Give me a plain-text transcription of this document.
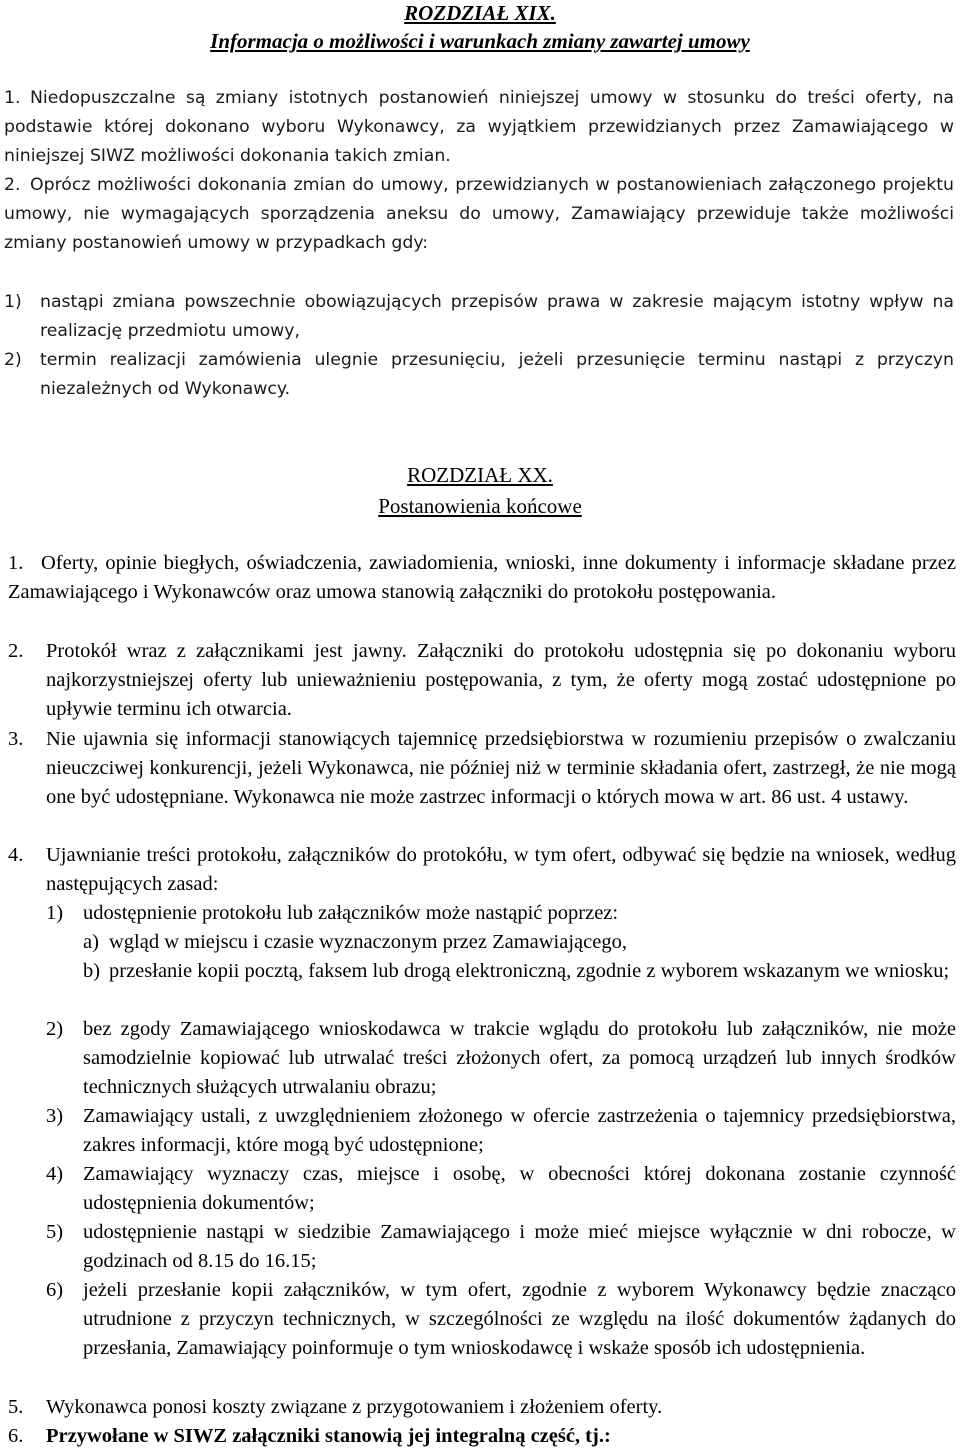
ROZDZIAŁ XIX.
Informacja o możliwości i warunkach zmiany zawartej umowy
1. Niedopuszczalne są zmiany istotnych postanowień niniejszej umowy w stosunku do treści oferty, na podstawie której dokonano wyboru Wykonawcy, za wyjątkiem przewidzianych przez Zamawiającego w niniejszej SIWZ możliwości dokonania takich zmian.
2. Oprócz możliwości dokonania zmian do umowy, przewidzianych w postanowieniach załączonego projektu umowy, nie wymagających sporządzenia aneksu do umowy, Zamawiający przewiduje także możliwości zmiany postanowień umowy w przypadkach gdy:
1) nastąpi zmiana powszechnie obowiązujących przepisów prawa w zakresie mającym istotny wpływ na realizację przedmiotu umowy,
2) termin realizacji zamówienia ulegnie przesunięciu, jeżeli przesunięcie terminu nastąpi z przyczyn niezależnych od Wykonawcy.
ROZDZIAŁ XX.
Postanowienia końcowe
1. Oferty, opinie biegłych, oświadczenia, zawiadomienia, wnioski, inne dokumenty i informacje składane przez Zamawiającego i Wykonawców oraz umowa stanowią załączniki do protokołu postępowania.
2. Protokół wraz z załącznikami jest jawny. Załączniki do protokołu udostępnia się po dokonaniu wyboru najkorzystniejszej oferty lub unieważnieniu postępowania, z tym, że oferty mogą zostać udostępnione po upływie terminu ich otwarcia.
3. Nie ujawnia się informacji stanowiących tajemnicę przedsiębiorstwa w rozumieniu przepisów o zwalczaniu nieuczciwej konkurencji, jeżeli Wykonawca, nie później niż w terminie składania ofert, zastrzegł, że nie mogą one być udostępniane. Wykonawca nie może zastrzec informacji o których mowa w art. 86 ust. 4 ustawy.
4. Ujawnianie treści protokołu, załączników do protokółu, w tym ofert, odbywać się będzie na wniosek, według następujących zasad:
1) udostępnienie protokołu lub załączników może nastąpić poprzez:
a) wgląd w miejscu i czasie wyznaczonym przez Zamawiającego,
b) przesłanie kopii pocztą, faksem lub drogą elektroniczną, zgodnie z wyborem wskazanym we wniosku;
2) bez zgody Zamawiającego wnioskodawca w trakcie wglądu do protokołu lub załączników, nie może samodzielnie kopiować lub utrwalać treści złożonych ofert, za pomocą urządzeń lub innych środków technicznych służących utrwalaniu obrazu;
3) Zamawiający ustali, z uwzględnieniem złożonego w ofercie zastrzeżenia o tajemnicy przedsiębiorstwa, zakres informacji, które mogą być udostępnione;
4) Zamawiający wyznaczy czas, miejsce i osobę, w obecności której dokonana zostanie czynność udostępnienia dokumentów;
5) udostępnienie nastąpi w siedzibie Zamawiającego i może mieć miejsce wyłącznie w dni robocze, w godzinach od 8.15 do 16.15;
6) jeżeli przesłanie kopii załączników, w tym ofert, zgodnie z wyborem Wykonawcy będzie znacząco utrudnione z przyczyn technicznych, w szczególności ze względu na ilość dokumentów żądanych do przesłania, Zamawiający poinformuje o tym wnioskodawcę i wskaże sposób ich udostępnienia.
5. Wykonawca ponosi koszty związane z przygotowaniem i złożeniem oferty.
6. Przywołane w SIWZ załączniki stanowią jej integralną część, tj.:
